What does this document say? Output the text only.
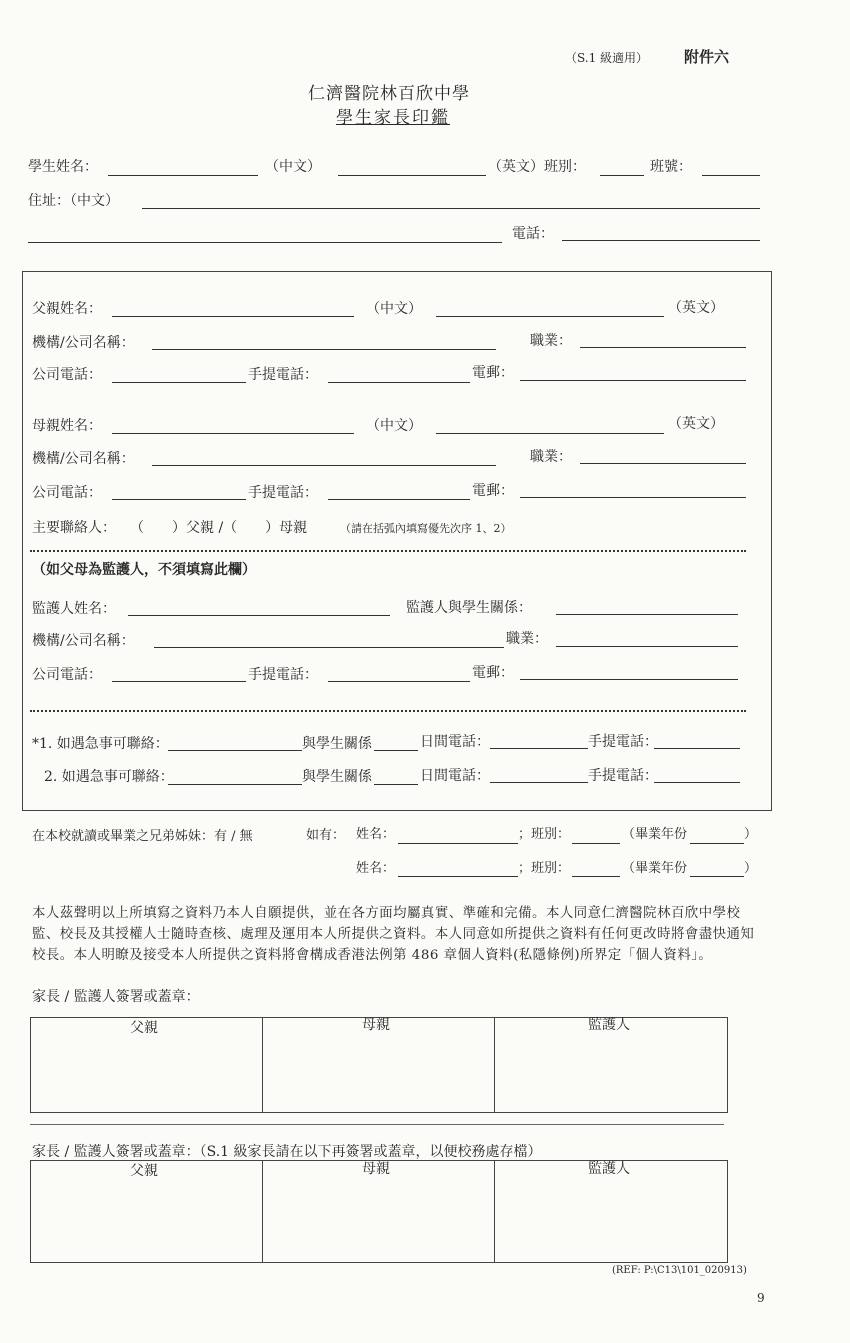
（S.1 級適用） 附件六
仁濟醫院林百欣中學
學生家長印鑑
學生姓名：	（中文）	（英文）班別：	班號：
住址：（中文）
電話：
父親姓名：	（中文）	（英文）
機構/公司名稱：	職業：
公司電話：	手提電話：	電郵：
母親姓名：	（中文）	（英文）
機構/公司名稱：	職業：
公司電話：	手提電話：	電郵：
主要聯絡人： （　　）父親 /（　　）母親	（請在括弧內填寫優先次序 1、2）
（如父母為監護人，不須填寫此欄）
監護人姓名：	監護人與學生關係：
機構/公司名稱：	職業：
公司電話：	手提電話：	電郵：
*1. 如遇急事可聯絡：	與學生關係	日間電話：	手提電話：
2. 如遇急事可聯絡：	與學生關係	日間電話：	手提電話：
在本校就讀或畢業之兄弟姊妹：有 / 無	如有： 姓名：	；班別：	（畢業年份	）
姓名：	；班別：	（畢業年份	）
本人茲聲明以上所填寫之資料乃本人自願提供，並在各方面均屬真實、準確和完備。本人同意仁濟醫院林百欣中學校監、校長及其授權人士隨時查核、處理及運用本人所提供之資料。本人同意如所提供之資料有任何更改時將會盡快通知校長。本人明瞭及接受本人所提供之資料將會構成香港法例第 486 章個人資料(私隱條例)所界定「個人資料」。
家長 / 監護人簽署或蓋章：
父親	母親	監護人
家長 / 監護人簽署或蓋章：（S.1 級家長請在以下再簽署或蓋章，以便校務處存檔）
父親	母親	監護人
(REF: P:\C13\101_020913)
9
